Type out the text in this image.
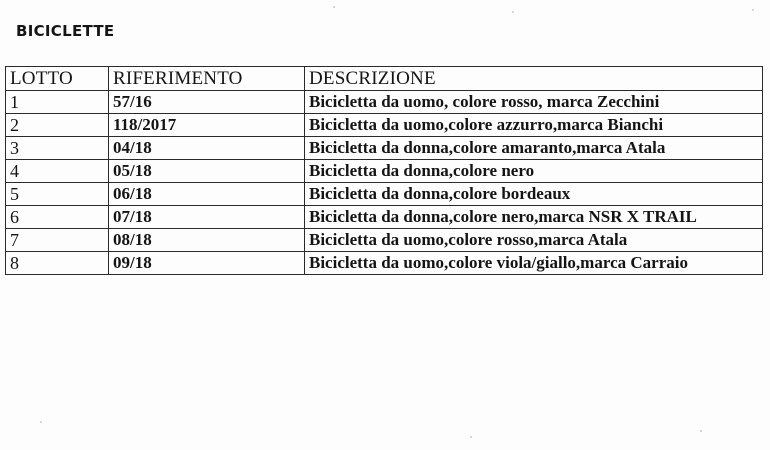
BICICLETTE
LOTTO	RIFERIMENTO	DESCRIZIONE
1	57/16	Bicicletta da uomo, colore rosso, marca Zecchini
2	118/2017	Bicicletta da uomo,colore azzurro,marca Bianchi
3	04/18	Bicicletta da donna,colore amaranto,marca Atala
4	05/18	Bicicletta da donna,colore nero
5	06/18	Bicicletta da donna,colore bordeaux
6	07/18	Bicicletta da donna,colore nero,marca NSR X TRAIL
7	08/18	Bicicletta da uomo,colore rosso,marca Atala
8	09/18	Bicicletta da uomo,colore viola/giallo,marca Carraio
